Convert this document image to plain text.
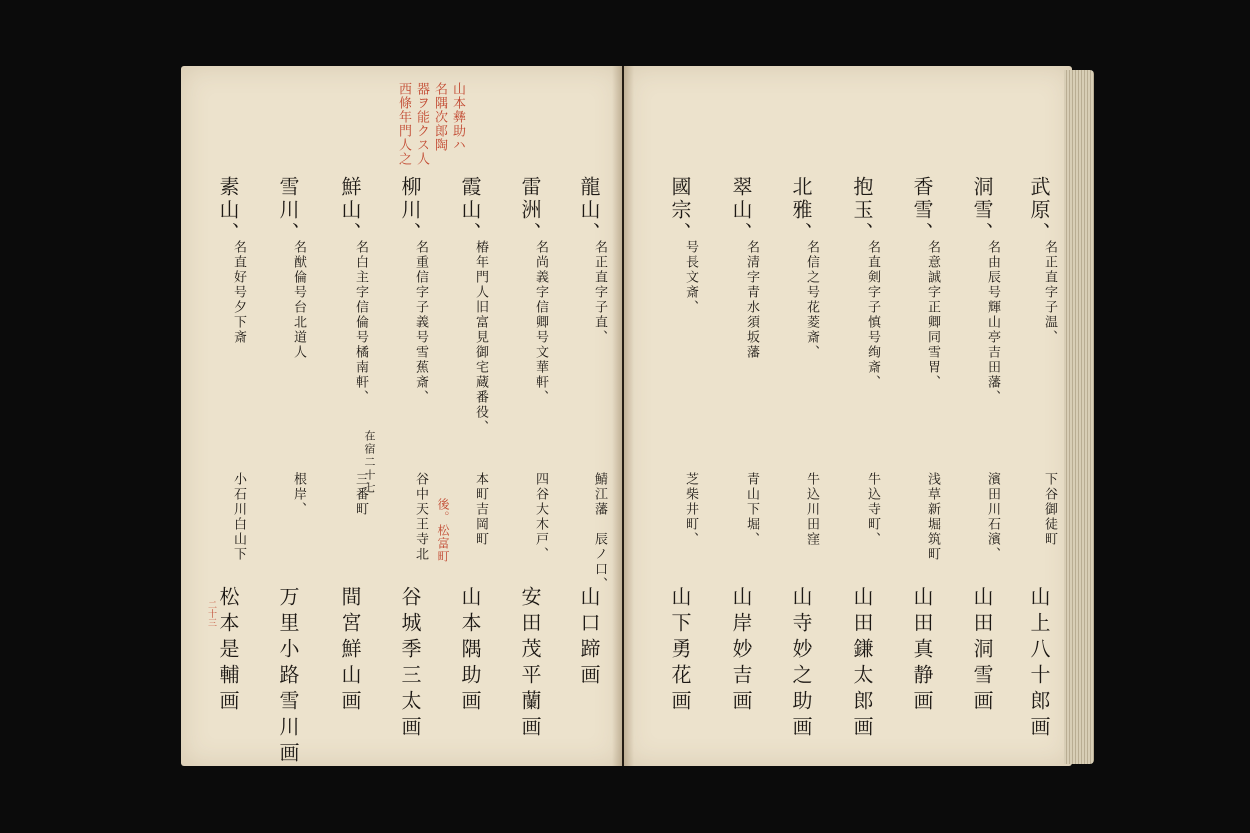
山本彝助ハ
名隅次郎陶
器ヲ能クス人
西條年門人之
武原、
名正直字子温、
下谷御徒町
山上八十郎画
洞雪、
名由辰号輝山亭吉田藩、
濱田川石濱、
山田洞雪画
香雪、
名意誠字正卿同雪胃、
浅草新堀筑町
山田真静画
抱玉、
名直剣字子慎号绚斎、
牛込寺町、
山田鎌太郎画
北雅、
名信之号花菱斎、
牛込川田窪
山寺妙之助画
翠山、
名清字青水須坂藩
青山下堀、
山岸妙吉画
國宗、
号長文斎、
芝柴井町、
山下勇花画
龍山、
名正直字子直、
鯖江藩　辰ノ口、
山口蹄画
雷洲、
名尚義字信卿号文華軒、
四谷大木戸、
安田茂平蘭画
霞山、
椿年門人旧富見御宅蔵番役、
本町吉岡町
山本隅助画
柳川、
名重信字子義号雪蕉斎、
谷中天王寺北
谷城季三太画
鮮山、
名白主字信倫号橘南軒、
三番町
間宮鮮山画
雪川、
名猷倫号台北道人
根岸、
万里小路雪川画
素山、
名直好号夕下斎
小石川白山下
松本是輔画
後。松富町
在宿二十七
二十三
